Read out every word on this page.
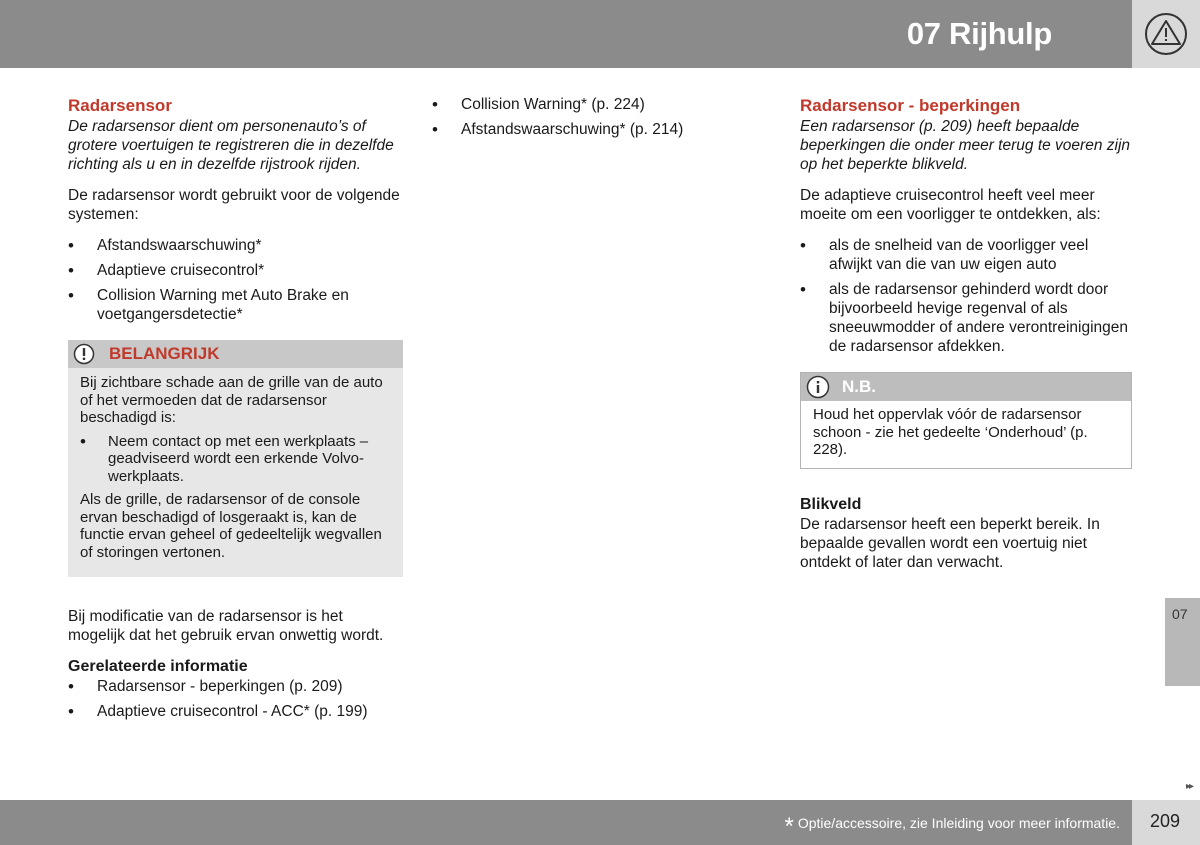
07 Rijhulp
Radarsensor

De radarsensor dient om personenauto’s of grotere voertuigen te registreren die in dezelfde richting als u en in dezelfde rijstrook rijden.

De radarsensor wordt gebruikt voor de volgende systemen:

• Afstandswaarschuwing*
• Adaptieve cruisecontrol*
• Collision Warning met Auto Brake en voetgangersdetectie*
BELANGRIJK

Bij zichtbare schade aan de grille van de auto of het vermoeden dat de radarsensor beschadigd is:

• Neem contact op met een werkplaats – geadviseerd wordt een erkende Volvo-werkplaats.

Als de grille, de radarsensor of de console ervan beschadigd of losgeraakt is, kan de functie ervan geheel of gedeeltelijk wegvallen of storingen vertonen.

Bij modificatie van de radarsensor is het mogelijk dat het gebruik ervan onwettig wordt.

Gerelateerde informatie
• Radarsensor - beperkingen (p. 209)
• Adaptieve cruisecontrol - ACC* (p. 199)
• Collision Warning* (p. 224)
• Afstandswaarschuwing* (p. 214)
Radarsensor - beperkingen

Een radarsensor (p. 209) heeft bepaalde beperkingen die onder meer terug te voeren zijn op het beperkte blikveld.

De adaptieve cruisecontrol heeft veel meer moeite om een voorligger te ontdekken, als:

• als de snelheid van de voorligger veel afwijkt van die van uw eigen auto
• als de radarsensor gehinderd wordt door bijvoorbeeld hevige regenval of als sneeuwmodder of andere verontreinigingen de radarsensor afdekken.
N.B.
Houd het oppervlak vóór de radarsensor schoon - zie het gedeelte ‘Onderhoud’ (p. 228).
Blikveld

De radarsensor heeft een beperkt bereik. In bepaalde gevallen wordt een voertuig niet ontdekt of later dan verwacht.

07
▸▸
* Optie/accessoire, zie Inleiding voor meer informatie. 209
